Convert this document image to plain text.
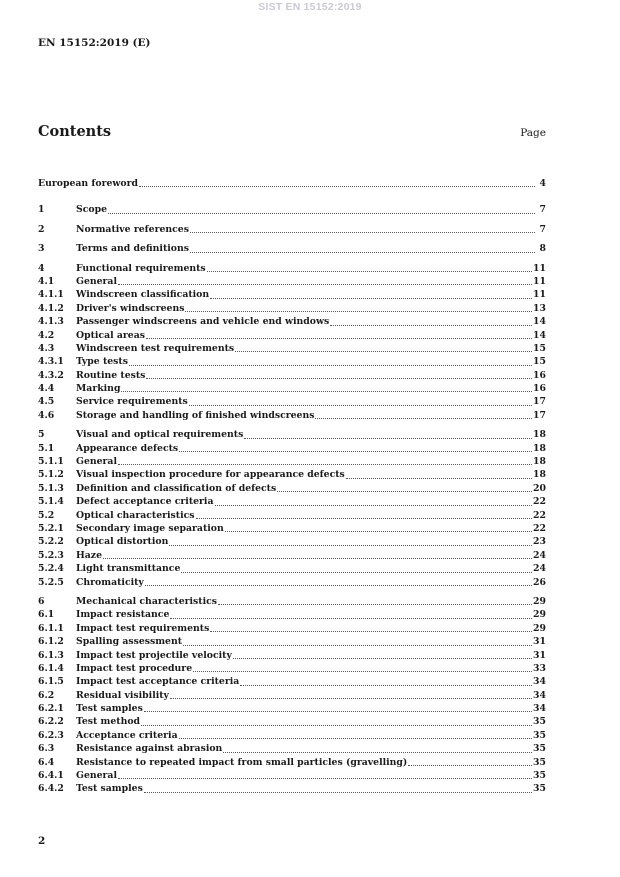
SIST EN 15152:2019
EN 15152:2019 (E)
Contents	Page
European foreword	4
1	Scope	7
2	Normative references	7
3	Terms and definitions	8
4	Functional requirements	11
4.1	General	11
4.1.1	Windscreen classification	11
4.1.2	Driver's windscreens	13
4.1.3	Passenger windscreens and vehicle end windows	14
4.2	Optical areas	14
4.3	Windscreen test requirements	15
4.3.1	Type tests	15
4.3.2	Routine tests	16
4.4	Marking	16
4.5	Service requirements	17
4.6	Storage and handling of finished windscreens	17
5	Visual and optical requirements	18
5.1	Appearance defects	18
5.1.1	General	18
5.1.2	Visual inspection procedure for appearance defects	18
5.1.3	Definition and classification of defects	20
5.1.4	Defect acceptance criteria	22
5.2	Optical characteristics	22
5.2.1	Secondary image separation	22
5.2.2	Optical distortion	23
5.2.3	Haze	24
5.2.4	Light transmittance	24
5.2.5	Chromaticity	26
6	Mechanical characteristics	29
6.1	Impact resistance	29
6.1.1	Impact test requirements	29
6.1.2	Spalling assessment	31
6.1.3	Impact test projectile velocity	31
6.1.4	Impact test procedure	33
6.1.5	Impact test acceptance criteria	34
6.2	Residual visibility	34
6.2.1	Test samples	34
6.2.2	Test method	35
6.2.3	Acceptance criteria	35
6.3	Resistance against abrasion	35
6.4	Resistance to repeated impact from small particles (gravelling)	35
6.4.1	General	35
6.4.2	Test samples	35
2
